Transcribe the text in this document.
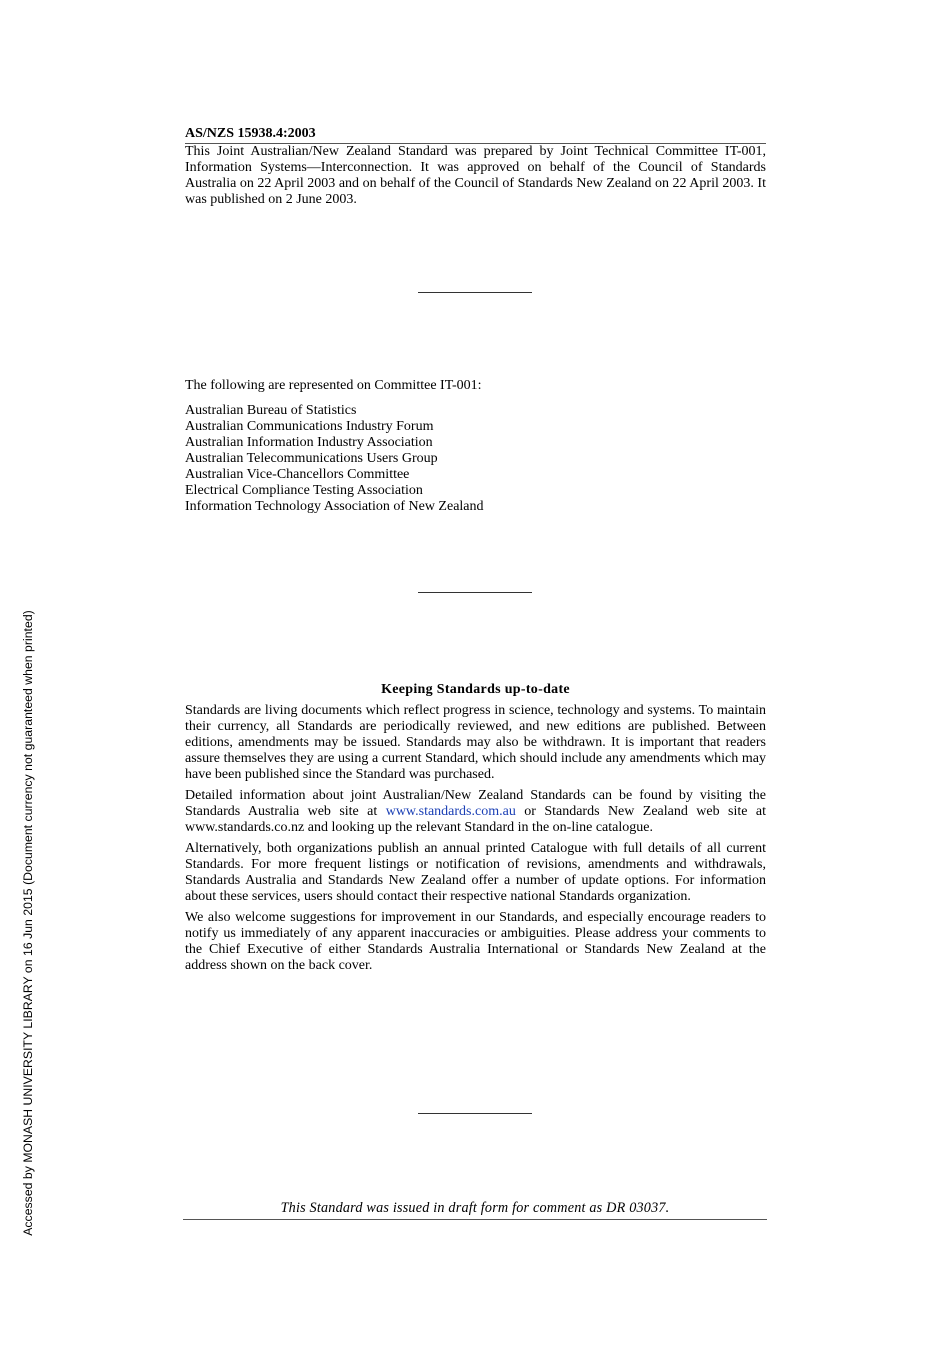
Accessed by MONASH UNIVERSITY LIBRARY on 16 Jun 2015 (Document currency not guaranteed when printed)
AS/NZS 15938.4:2003
This Joint Australian/New Zealand Standard was prepared by Joint Technical Committee IT-001, Information Systems—Interconnection. It was approved on behalf of the Council of Standards Australia on 22 April 2003 and on behalf of the Council of Standards New Zealand on 22 April 2003. It was published on 2 June 2003.

The following are represented on Committee IT-001:

Australian Bureau of Statistics
Australian Communications Industry Forum
Australian Information Industry Association
Australian Telecommunications Users Group
Australian Vice-Chancellors Committee
Electrical Compliance Testing Association
Information Technology Association of New Zealand
Keeping Standards up-to-date

Standards are living documents which reflect progress in science, technology and systems. To maintain their currency, all Standards are periodically reviewed, and new editions are published. Between editions, amendments may be issued. Standards may also be withdrawn. It is important that readers assure themselves they are using a current Standard, which should include any amendments which may have been published since the Standard was purchased.

Detailed information about joint Australian/New Zealand Standards can be found by visiting the Standards Australia web site at www.standards.com.au or Standards New Zealand web site at www.standards.co.nz and looking up the relevant Standard in the on-line catalogue.

Alternatively, both organizations publish an annual printed Catalogue with full details of all current Standards. For more frequent listings or notification of revisions, amendments and withdrawals, Standards Australia and Standards New Zealand offer a number of update options. For information about these services, users should contact their respective national Standards organization.

We also welcome suggestions for improvement in our Standards, and especially encourage readers to notify us immediately of any apparent inaccuracies or ambiguities. Please address your comments to the Chief Executive of either Standards Australia International or Standards New Zealand at the address shown on the back cover.

This Standard was issued in draft form for comment as DR 03037.
